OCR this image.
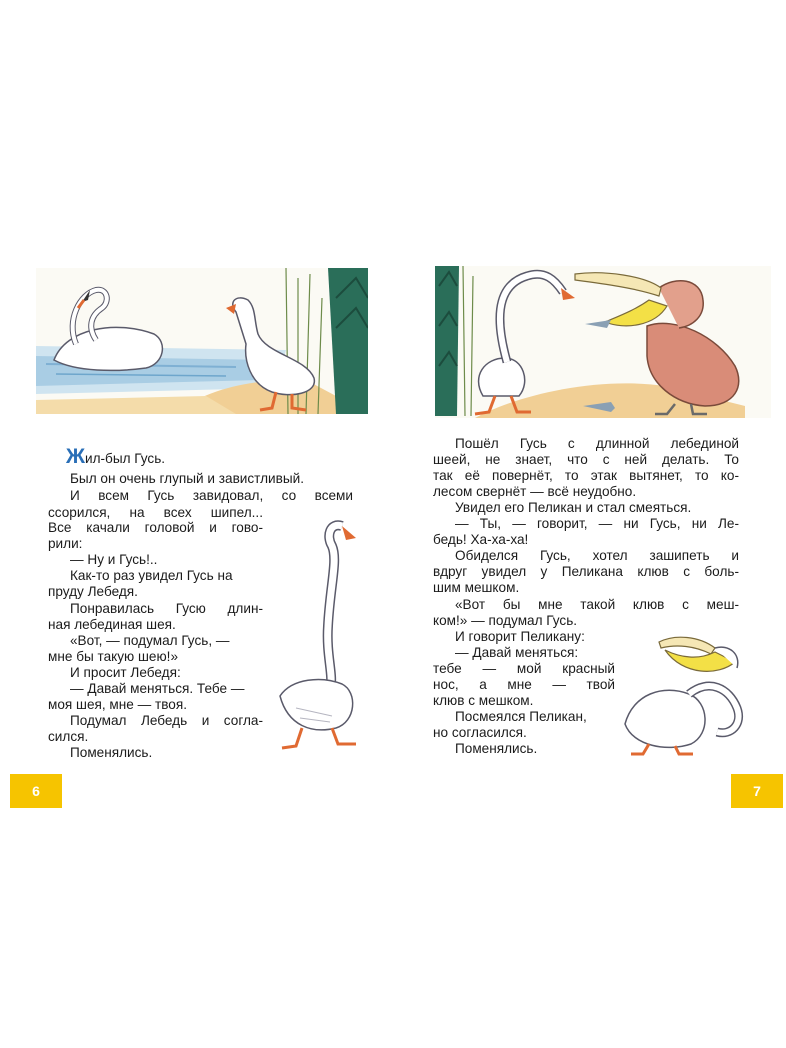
Жил-был Гусь.
Был он очень глупый и завистливый.
И всем Гусь завидовал, со всеми
ссорился, на всех шипел...
Все качали головой и гово-
рили:
— Ну и Гусь!..
Как-то раз увидел Гусь на
пруду Лебедя.
Понравилась Гусю длин-
ная лебединая шея.
«Вот, — подумал Гусь, —
мне бы такую шею!»
И просит Лебедя:
— Давай меняться. Тебе —
моя шея, мне — твоя.
Подумал Лебедь и согла-
сился.
Поменялись.
6
Пошёл Гусь с длинной лебединой
шеей, не знает, что с ней делать. То
так её повернёт, то этак вытянет, то ко-
лесом свернёт — всё неудобно.
Увидел его Пеликан и стал смеяться.
— Ты, — говорит, — ни Гусь, ни Ле-
бедь! Ха-ха-ха!
Обиделся Гусь, хотел зашипеть и
вдруг увидел у Пеликана клюв с боль-
шим мешком.
«Вот бы мне такой клюв с меш-
ком!» — подумал Гусь.
И говорит Пеликану:
— Давай меняться:
тебе — мой красный
нос, а мне — твой
клюв с мешком.
Посмеялся Пеликан,
но согласился.
Поменялись.
7
